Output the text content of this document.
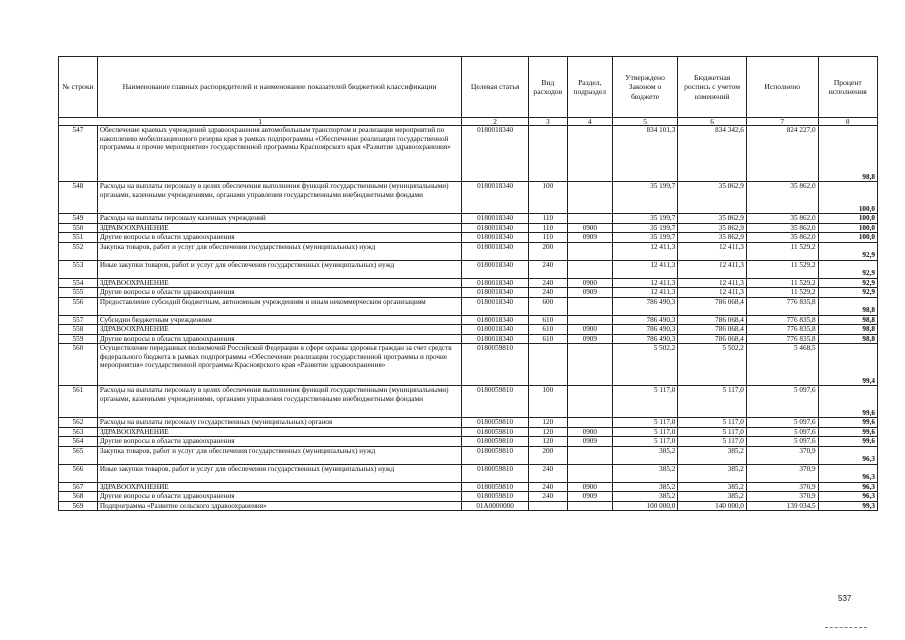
№ строки	Наименование главных распорядителей и наименование показателей бюджетной классификации	Целевая статья	Вид расходов	Раздел, подраздел	Утверждено Законом о бюджете	Бюджетная роспись с учетом изменений	Исполнено	Процент исполнения
1		2	3	4	5	6	7	8
547	Обеспечение краевых учреждений здравоохранения автомобильным транспортом и реализация мероприятий по накоплению мобилизационного резерва края в рамках подпрограммы «Обеспечение реализации государственной программы и прочие мероприятия» государственной программы Красноярского края «Развитие здравоохранения»	0180018340			834 101,3	834 342,6	824 227,0	98,8
548	Расходы на выплаты персоналу в целях обеспечения выполнения функций государственными (муниципальными) органами, казенными учреждениями, органами управления государственными внебюджетными фондами	0180018340	100		35 199,7	35 862,9	35 862,0	100,0
549	Расходы на выплаты персоналу казенных учреждений	0180018340	110		35 199,7	35 862,9	35 862,0	100,0
550	ЗДРАВООХРАНЕНИЕ	0180018340	110	0900	35 199,7	35 862,9	35 862,0	100,0
551	Другие вопросы в области здравоохранения	0180018340	110	0909	35 199,7	35 862,9	35 862,0	100,0
552	Закупка товаров, работ и услуг для обеспечения государственных (муниципальных) нужд	0180018340	200		12 411,3	12 411,3	11 529,2	92,9
553	Иные закупки товаров, работ и услуг для обеспечения государственных (муниципальных) нужд	0180018340	240		12 411,3	12 411,3	11 529,2	92,9
554	ЗДРАВООХРАНЕНИЕ	0180018340	240	0900	12 411,3	12 411,3	11 529,2	92,9
555	Другие вопросы в области здравоохранения	0180018340	240	0909	12 411,3	12 411,3	11 529,2	92,9
556	Предоставление субсидий бюджетным, автономным учреждениям и иным некоммерческим организациям	0180018340	600		786 490,3	786 068,4	776 835,8	98,8
557	Субсидии бюджетным учреждениям	0180018340	610		786 490,3	786 068,4	776 835,8	98,8
558	ЗДРАВООХРАНЕНИЕ	0180018340	610	0900	786 490,3	786 068,4	776 835,8	98,8
559	Другие вопросы в области здравоохранения	0180018340	610	0909	786 490,3	786 068,4	776 835,8	98,8
560	Осуществление переданных полномочий Российской Федерации в сфере охраны здоровья граждан за счет средств федерального бюджета в рамках подпрограммы «Обеспечение реализации государственной программы и прочие мероприятия» государственной программы Красноярского края «Развитие здравоохранения»	0180059810			5 502,2	5 502,2	5 468,5	99,4
561	Расходы на выплаты персоналу в целях обеспечения выполнения функций государственными (муниципальными) органами, казенными учреждениями, органами управления государственными внебюджетными фондами	0180059810	100		5 117,0	5 117,0	5 097,6	99,6
562	Расходы на выплаты персоналу государственных (муниципальных) органов	0180059810	120		5 117,0	5 117,0	5 097,6	99,6
563	ЗДРАВООХРАНЕНИЕ	0180059810	120	0900	5 117,0	5 117,0	5 097,6	99,6
564	Другие вопросы в области здравоохранения	0180059810	120	0909	5 117,0	5 117,0	5 097,6	99,6
565	Закупка товаров, работ и услуг для обеспечения государственных (муниципальных) нужд	0180059810	200		385,2	385,2	370,9	96,3
566	Иные закупки товаров, работ и услуг для обеспечения государственных (муниципальных) нужд	0180059810	240		385,2	385,2	370,9	96,3
567	ЗДРАВООХРАНЕНИЕ	0180059810	240	0900	385,2	385,2	370,9	96,3
568	Другие вопросы в области здравоохранения	0180059810	240	0909	385,2	385,2	370,9	96,3
569	Подпрограмма «Развитие сельского здравоохранения»	01А0000000			100 000,0	140 000,0	139 034,5	99,3
537
